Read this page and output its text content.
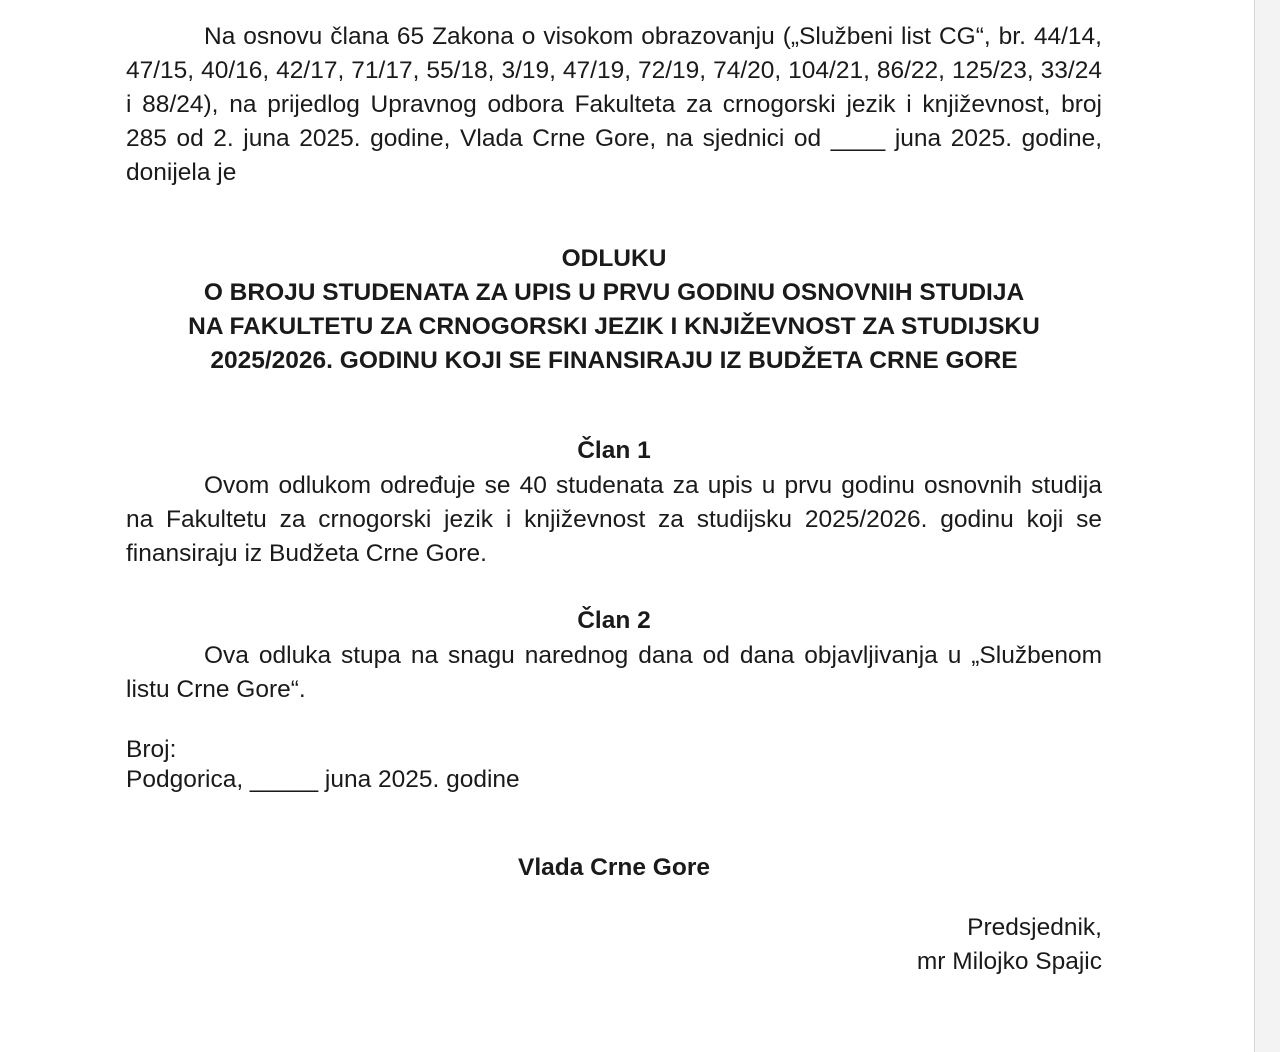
Na osnovu člana 65 Zakona o visokom obrazovanju („Službeni list CG“, br. 44/14, 47/15, 40/16, 42/17, 71/17, 55/18, 3/19, 47/19, 72/19, 74/20, 104/21, 86/22, 125/23, 33/24 i 88/24), na prijedlog Upravnog odbora Fakulteta za crnogorski jezik i književnost, broj 285 od 2. juna 2025. godine, Vlada Crne Gore, na sjednici od ____ juna 2025. godine, donijela je

ODLUKU
O BROJU STUDENATA ZA UPIS U PRVU GODINU OSNOVNIH STUDIJA
NA FAKULTETU ZA CRNOGORSKI JEZIK I KNJIŽEVNOST ZA STUDIJSKU
2025/2026. GODINU KOJI SE FINANSIRAJU IZ BUDŽETA CRNE GORE

Član 1

Ovom odlukom određuje se 40 studenata za upis u prvu godinu osnovnih studija na Fakultetu za crnogorski jezik i književnost za studijsku 2025/2026. godinu koji se finansiraju iz Budžeta Crne Gore.

Član 2

Ova odluka stupa na snagu narednog dana od dana objavljivanja u „Službenom listu Crne Gore“.

Broj:

Podgorica, _____ juna 2025. godine

Vlada Crne Gore

Predsjednik,
mr Milojko Spajic
